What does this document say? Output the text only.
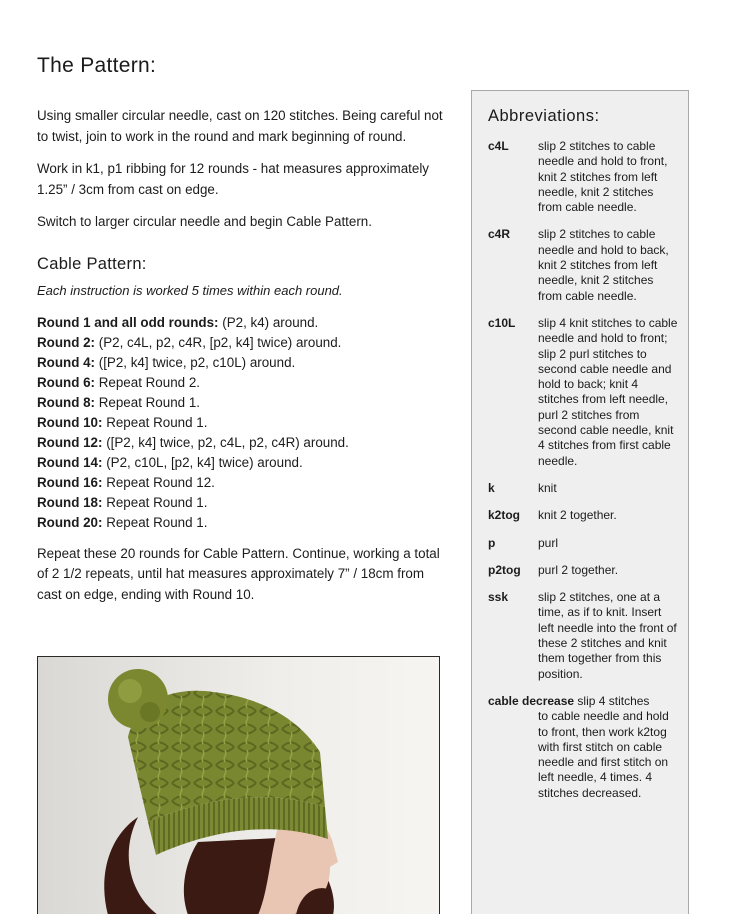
The Pattern:

Using smaller circular needle, cast on 120 stitches. Being careful not to twist, join to work in the round and mark beginning of round.

Work in k1, p1 ribbing for 12 rounds - hat measures approximately 1.25” / 3cm from cast on edge.

Switch to larger circular needle and begin Cable Pattern.

Cable Pattern:

Each instruction is worked 5 times within each round.

Round 1 and all odd rounds: (P2, k4) around.
Round 2: (P2, c4L, p2, c4R, [p2, k4] twice) around.
Round 4: ([P2, k4] twice, p2, c10L) around.
Round 6: Repeat Round 2.
Round 8: Repeat Round 1.
Round 10: Repeat Round 1.
Round 12: ([P2, k4] twice, p2, c4L, p2, c4R) around.
Round 14: (P2, c10L, [p2, k4] twice) around.
Round 16: Repeat Round 12.
Round 18: Repeat Round 1.
Round 20: Repeat Round 1.

Repeat these 20 rounds for Cable Pattern. Continue, working a total of 2 1/2 repeats, until hat measures approximately 7” / 18cm from cast on edge, ending with Round 10.

Abbreviations:
c4L	slip 2 stitches to cable needle and hold to front, knit 2 stitches from left needle, knit 2 stitches from cable needle.
c4R	slip 2 stitches to cable needle and hold to back, knit 2 stitches from left needle, knit 2 stitches from cable needle.
c10L	slip 4 knit stitches to cable needle and hold to front; slip 2 purl stitches to second cable needle and hold to back; knit 4 stitches from left needle, purl 2 stitches from second cable needle, knit 4 stitches from first cable needle.
k	knit
k2tog	knit 2 together.
p	purl
p2tog	purl 2 together.
ssk	slip 2 stitches, one at a time, as if to knit. Insert left needle into the front of these 2 stitches and knit them together from this position.
cable decrease slip 4 stitches
to cable needle and hold to front, then work k2tog with first stitch on cable needle and first stitch on left needle, 4 times. 4 stitches decreased.
